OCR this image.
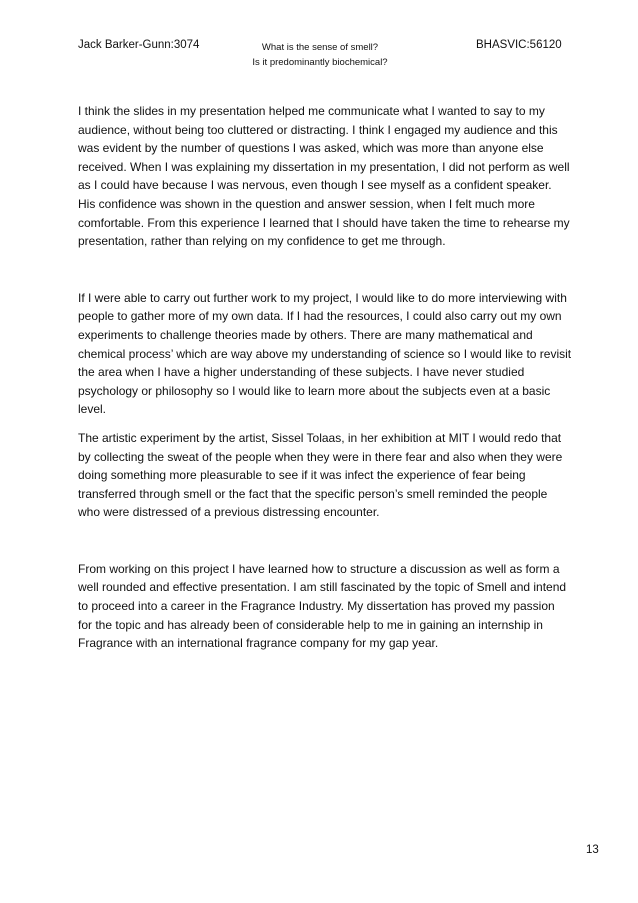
Jack Barker-Gunn:3074	What is the sense of smell?
Is it predominantly biochemical?
BHASVIC:56120

I think the slides in my presentation helped me communicate what I wanted to say to my audience, without being too cluttered or distracting. I think I engaged my audience and this was evident by the number of questions I was asked, which was more than anyone else received. When I was explaining my dissertation in my presentation, I did not perform as well as I could have because I was nervous, even though I see myself as a confident speaker. His confidence was shown in the question and answer session, when I felt much more comfortable. From this experience I learned that I should have taken the time to rehearse my presentation, rather than relying on my confidence to get me through.

If I were able to carry out further work to my project, I would like to do more interviewing with people to gather more of my own data. If I had the resources, I could also carry out my own experiments to challenge theories made by others. There are many mathematical and chemical process’ which are way above my understanding of science so I would like to revisit the area when I have a higher understanding of these subjects. I have never studied psychology or philosophy so I would like to learn more about the subjects even at a basic level.

The artistic experiment by the artist, Sissel Tolaas, in her exhibition at MIT I would redo that by collecting the sweat of the people when they were in there fear and also when they were doing something more pleasurable to see if it was infect the experience of fear being transferred through smell or the fact that the specific person’s smell reminded the people who were distressed of a previous distressing encounter.

From working on this project I have learned how to structure a discussion as well as form a well rounded and effective presentation. I am still fascinated by the topic of Smell and intend to proceed into a career in the Fragrance Industry. My dissertation has proved my passion for the topic and has already been of considerable help to me in gaining an internship in Fragrance with an international fragrance company for my gap year.

13
